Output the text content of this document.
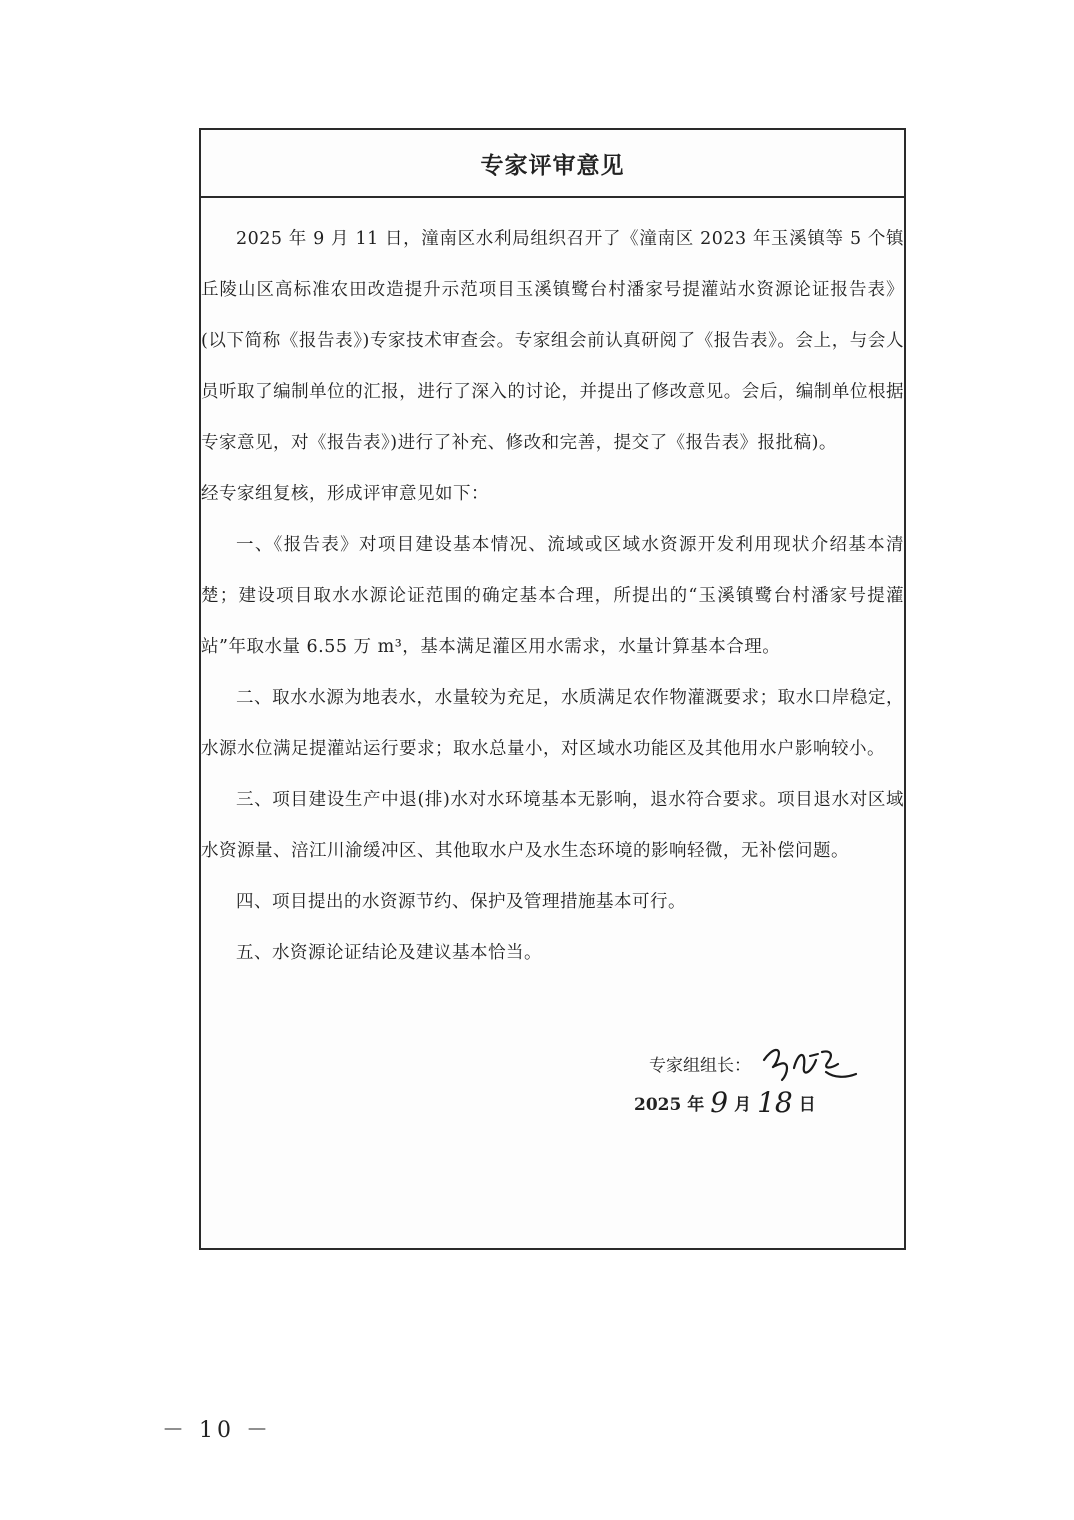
专家评审意见

2025 年 9 月 11 日，潼南区水利局组织召开了《潼南区 2023 年玉溪镇等 5 个镇丘陵山区高标准农田改造提升示范项目玉溪镇鹭台村潘家号提灌站水资源论证报告表》(以下简称《报告表》)专家技术审查会。专家组会前认真研阅了《报告表》。会上，与会人员听取了编制单位的汇报，进行了深入的讨论，并提出了修改意见。会后，编制单位根据专家意见，对《报告表》)进行了补充、修改和完善，提交了《报告表》报批稿)。

经专家组复核，形成评审意见如下：

一、《报告表》对项目建设基本情况、流域或区域水资源开发利用现状介绍基本清楚；建设项目取水水源论证范围的确定基本合理，所提出的“玉溪镇鹭台村潘家号提灌站”年取水量 6.55 万 m³，基本满足灌区用水需求，水量计算基本合理。

二、取水水源为地表水，水量较为充足，水质满足农作物灌溉要求；取水口岸稳定，水源水位满足提灌站运行要求；取水总量小，对区域水功能区及其他用水户影响较小。

三、项目建设生产中退(排)水对水环境基本无影响，退水符合要求。项目退水对区域水资源量、涪江川渝缓冲区、其他取水户及水生态环境的影响轻微，无补偿问题。

四、项目提出的水资源节约、保护及管理措施基本可行。

五、水资源论证结论及建议基本恰当。

专家组组长：
2025 年 9 月 18 日
－ 10 －
